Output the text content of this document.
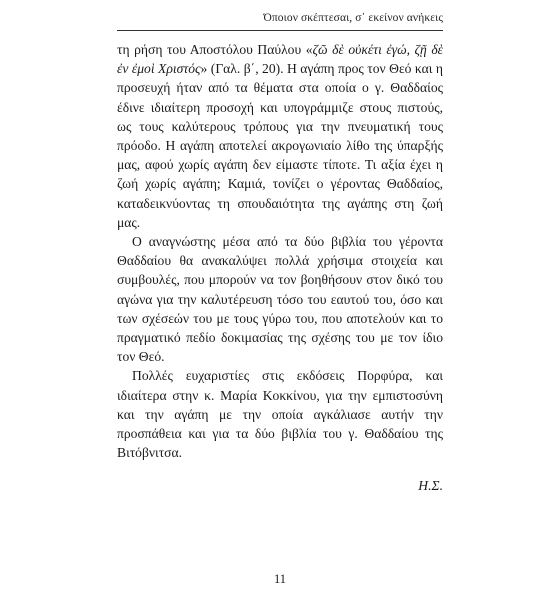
Όποιον σκέπτεσαι, σ᾽ εκείνον ανήκεις

τη ρήση του Αποστόλου Παύλου «ζῶ δὲ οὐκέτι ἐγώ, ζῇ δὲ ἐν ἐμοὶ Χριστός» (Γαλ. β΄, 20). Η αγάπη προς τον Θεό και η προσευχή ήταν από τα θέματα στα οποία ο γ. Θαδδαίος έδινε ιδιαίτερη προσοχή και υπογράμμιζε στους πιστούς, ως τους καλύτερους τρόπους για την πνευματική τους πρόοδο. Η αγάπη αποτελεί ακρογωνιαίο λίθο της ύπαρξής μας, αφού χωρίς αγάπη δεν είμαστε τίποτε. Τι αξία έχει η ζωή χωρίς αγάπη; Καμιά, τονίζει ο γέροντας Θαδδαίος, καταδεικνύοντας τη σπουδαιότητα της αγάπης στη ζωή μας.

Ο αναγνώστης μέσα από τα δύο βιβλία του γέροντα Θαδδαίου θα ανακαλύψει πολλά χρήσιμα στοιχεία και συμβουλές, που μπορούν να τον βοηθήσουν στον δικό του αγώνα για την καλυτέρευση τόσο του εαυτού του, όσο και των σχέσεών του με τους γύρω του, που αποτελούν και το πραγματικό πεδίο δοκιμασίας της σχέσης του με τον ίδιο τον Θεό.

Πολλές ευχαριστίες στις εκδόσεις Πορφύρα, και ιδιαίτερα στην κ. Μαρία Κοκκίνου, για την εμπιστοσύνη και την αγάπη με την οποία αγκάλιασε αυτήν την προσπάθεια και για τα δύο βιβλία του γ. Θαδδαίου της Βιτόβνιτσα.

Η.Σ.

11
